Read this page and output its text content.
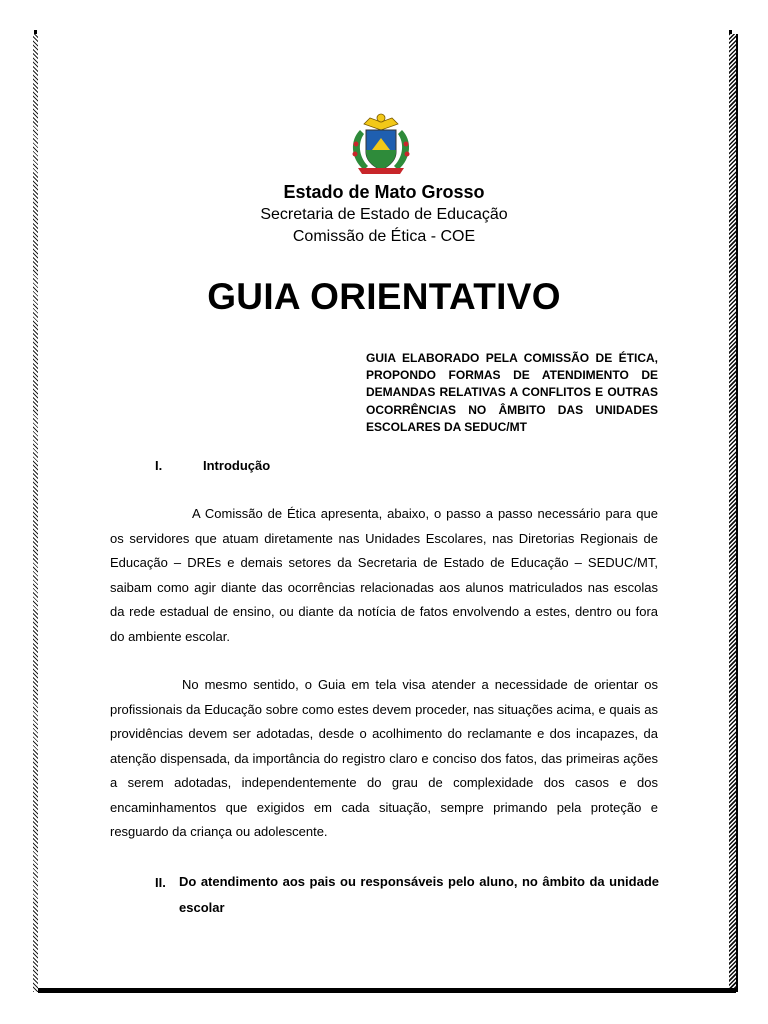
Estado de Mato Grosso
Secretaria de Estado de Educação
Comissão de Ética - COE
GUIA ORIENTATIVO
GUIA ELABORADO PELA COMISSÃO DE ÉTICA, PROPONDO FORMAS DE ATENDIMENTO DE DEMANDAS RELATIVAS A CONFLITOS E OUTRAS OCORRÊNCIAS NO ÂMBITO DAS UNIDADES ESCOLARES DA SEDUC/MT
I.	Introdução
A Comissão de Ética apresenta, abaixo, o passo a passo necessário para que os servidores que atuam diretamente nas Unidades Escolares, nas Diretorias Regionais de Educação – DREs e demais setores da Secretaria de Estado de Educação – SEDUC/MT, saibam como agir diante das ocorrências relacionadas aos alunos matriculados nas escolas da rede estadual de ensino, ou diante da notícia de fatos envolvendo a estes, dentro ou fora do ambiente escolar.
No mesmo sentido, o Guia em tela visa atender a necessidade de orientar os profissionais da Educação sobre como estes devem proceder, nas situações acima, e quais as providências devem ser adotadas, desde o acolhimento do reclamante e dos incapazes, da atenção dispensada, da importância do registro claro e conciso dos fatos, das primeiras ações a serem adotadas, independentemente do grau de complexidade dos casos e dos encaminhamentos que exigidos em cada situação, sempre primando pela proteção e resguardo da criança ou adolescente.
II. Do atendimento aos pais ou responsáveis pelo aluno, no âmbito da unidade escolar
